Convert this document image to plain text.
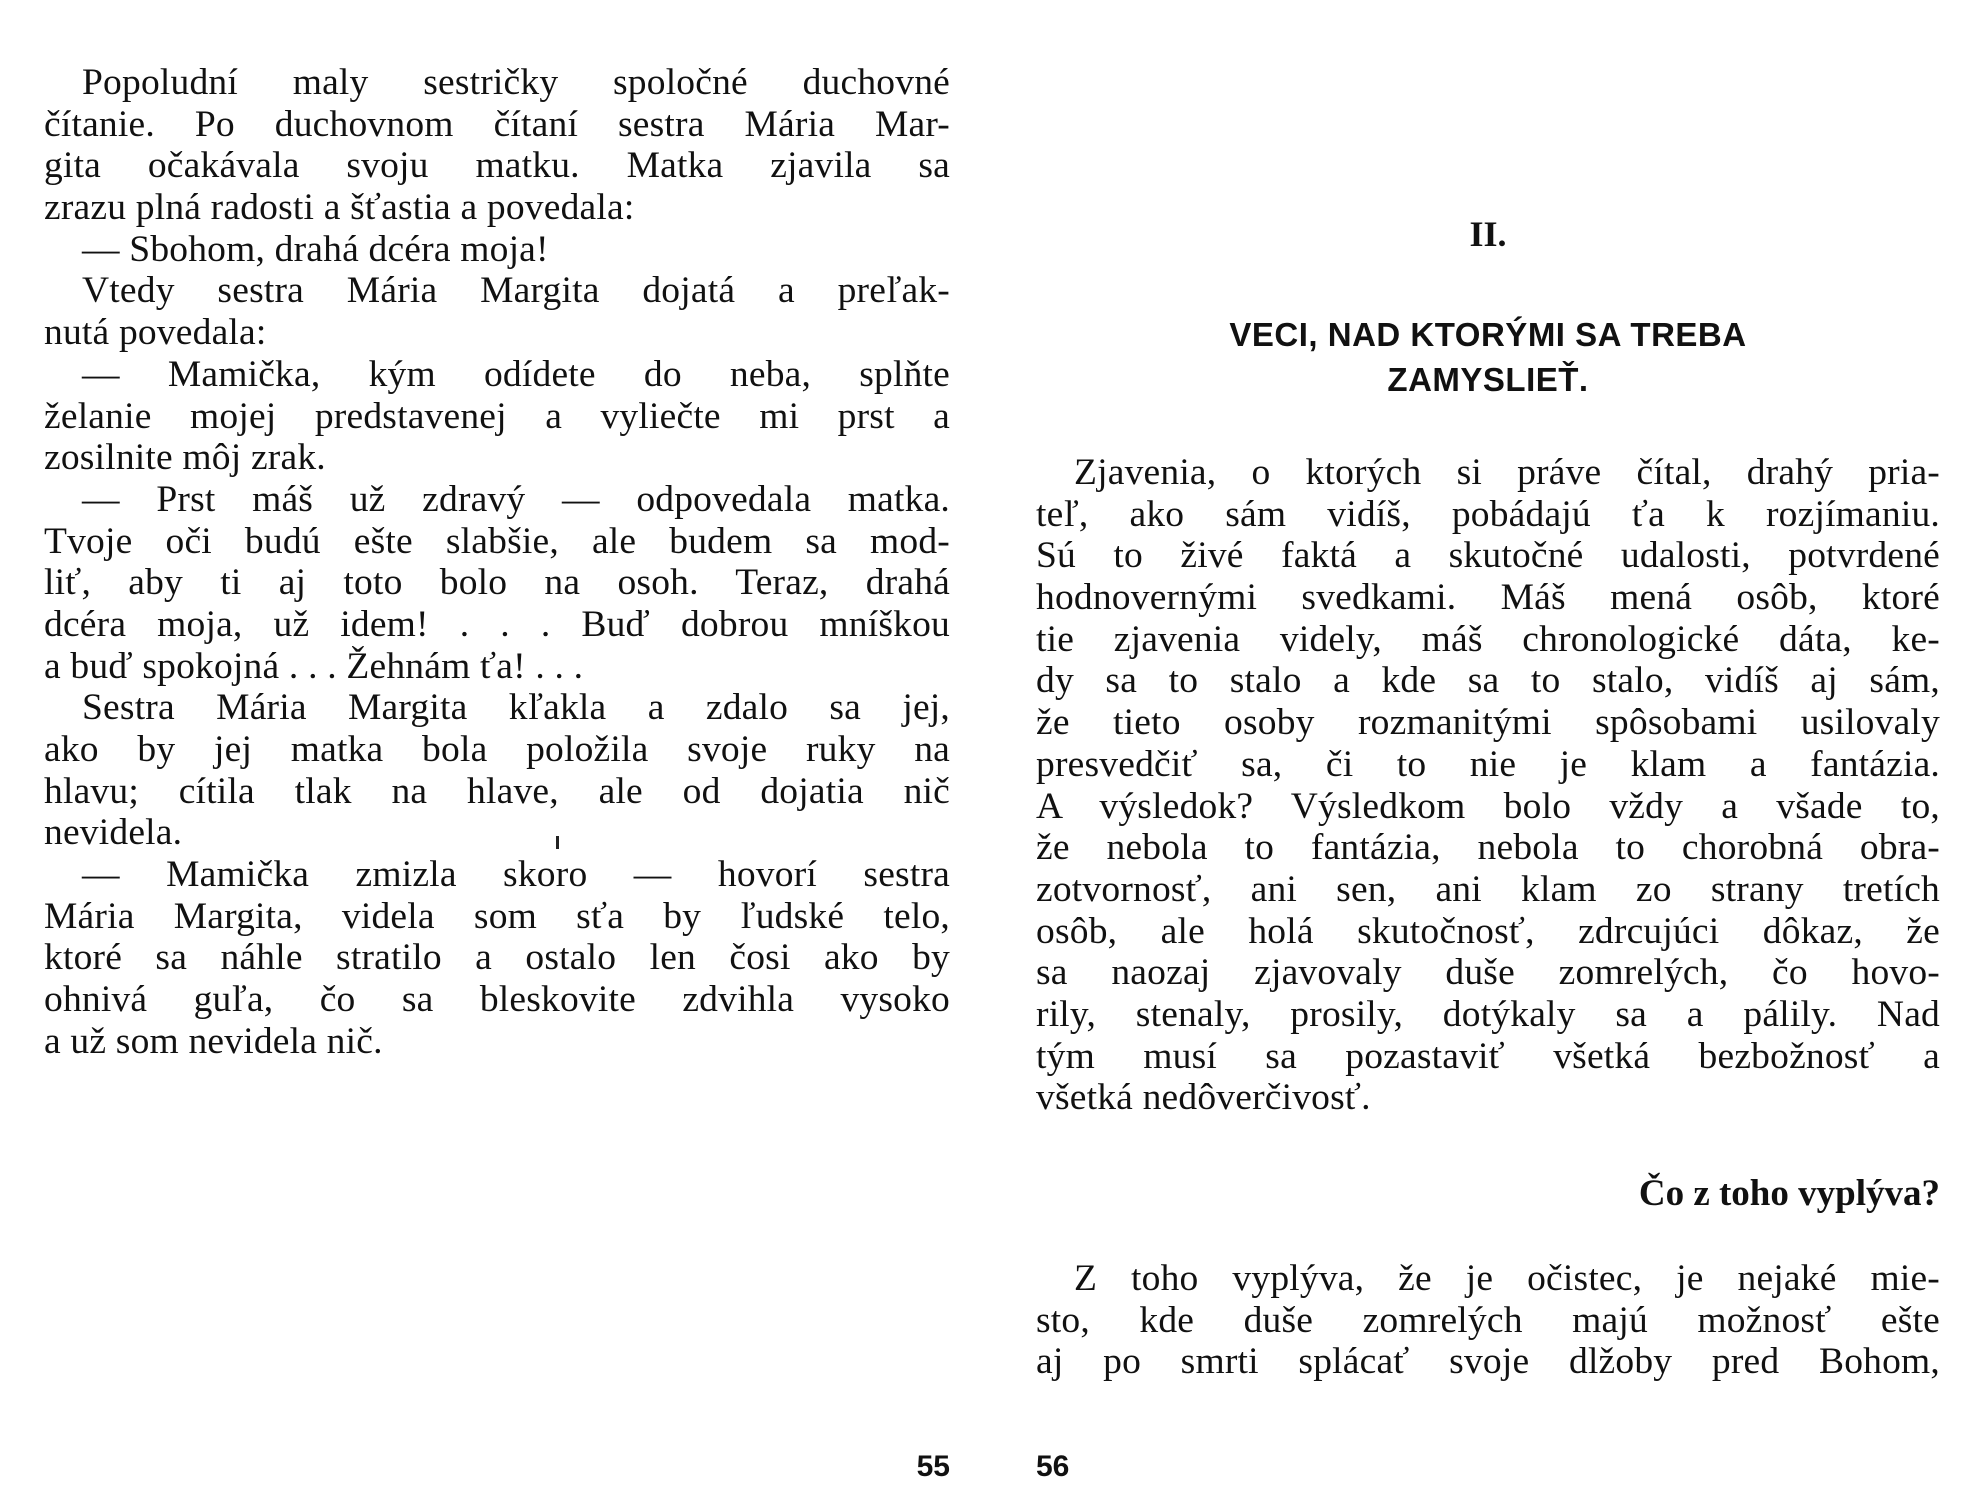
Popoludní maly sestričky spoločné duchovné
čítanie. Po duchovnom čítaní sestra Mária Mar-
gita očakávala svoju matku. Matka zjavila sa
zrazu plná radosti a šťastia a povedala:
— Sbohom, drahá dcéra moja!
Vtedy sestra Mária Margita dojatá a preľak-
nutá povedala:
— Mamička, kým odídete do neba, splňte
želanie mojej predstavenej a vyliečte mi prst a
zosilnite môj zrak.
— Prst máš už zdravý — odpovedala matka.
Tvoje oči budú ešte slabšie, ale budem sa mod-
liť, aby ti aj toto bolo na osoh. Teraz, drahá
dcéra moja, už idem! . . . Buď dobrou mníškou
a buď spokojná . . . Žehnám ťa! . . .
Sestra Mária Margita kľakla a zdalo sa jej,
ako by jej matka bola položila svoje ruky na
hlavu; cítila tlak na hlave, ale od dojatia nič
nevidela.
— Mamička zmizla skoro — hovorí sestra
Mária Margita, videla som sťa by ľudské telo,
ktoré sa náhle stratilo a ostalo len čosi ako by
ohnivá guľa, čo sa bleskovite zdvihla vysoko
a už som nevidela nič.
55
II.
VECI, NAD KTORÝMI SA TREBA
ZAMYSLIEŤ.
Zjavenia, o ktorých si práve čítal, drahý pria-
teľ, ako sám vidíš, pobádajú ťa k rozjímaniu.
Sú to živé faktá a skutočné udalosti, potvrdené
hodnovernými svedkami. Máš mená osôb, ktoré
tie zjavenia videly, máš chronologické dáta, ke-
dy sa to stalo a kde sa to stalo, vidíš aj sám,
že tieto osoby rozmanitými spôsobami usilovaly
presvedčiť sa, či to nie je klam a fantázia.
A výsledok? Výsledkom bolo vždy a všade to,
že nebola to fantázia, nebola to chorobná obra-
zotvornosť, ani sen, ani klam zo strany tretích
osôb, ale holá skutočnosť, zdrcujúci dôkaz, že
sa naozaj zjavovaly duše zomrelých, čo hovo-
rily, stenaly, prosily, dotýkaly sa a pálily. Nad
tým musí sa pozastaviť všetká bezbožnosť a
všetká nedôverčivosť.
Čo z toho vyplýva?
Z toho vyplýva, že je očistec, je nejaké mie-
sto, kde duše zomrelých majú možnosť ešte
aj po smrti splácať svoje dlžoby pred Bohom,
56
